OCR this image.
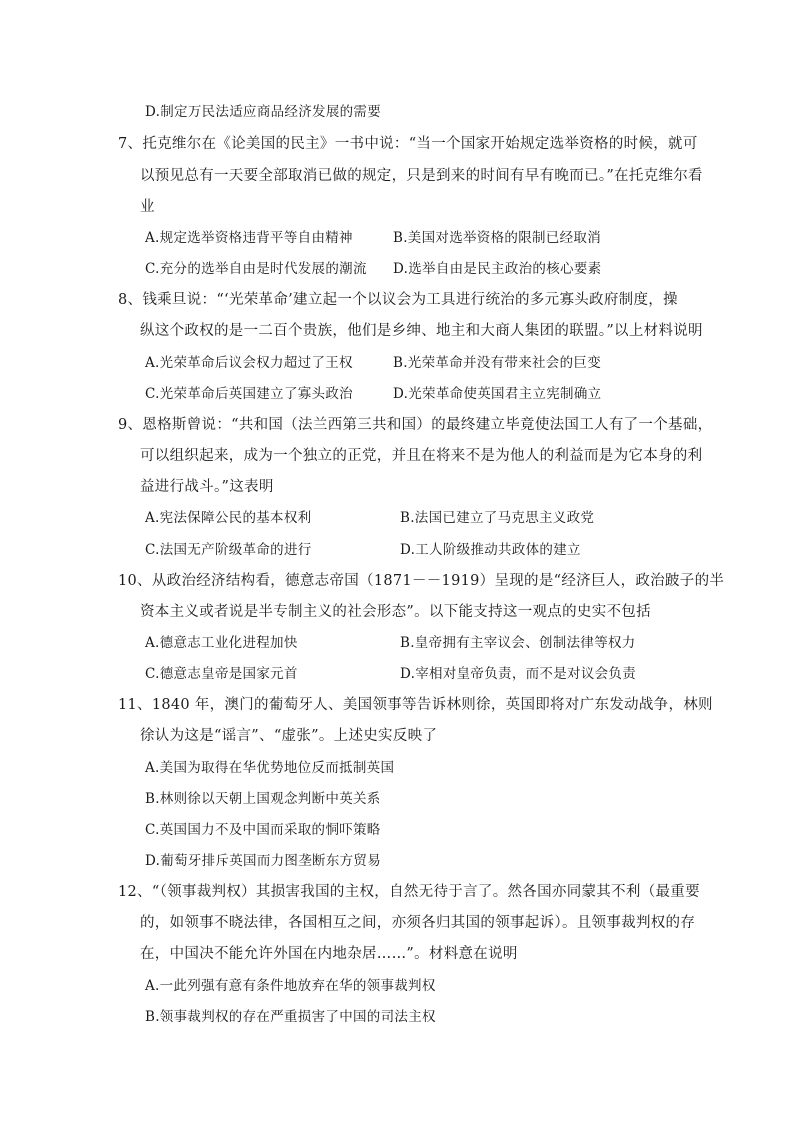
D.制定万民法适应商品经济发展的需要
7、托克维尔在《论美国的民主》一书中说：“当一个国家开始规定选举资格的时候，就可
以预见总有一天要全部取消已做的规定，只是到来的时间有早有晚而已。”在托克维尔看
业
A.规定选举资格违背平等自由精神	B.美国对选举资格的限制已经取消
C.充分的选举自由是时代发展的潮流 D.选举自由是民主政治的核心要素
8、钱乘旦说：“‘光荣革命’建立起一个以议会为工具进行统治的多元寡头政府制度，操
纵这个政权的是一二百个贵族，他们是乡绅、地主和大商人集团的联盟。”以上材料说明
A.光荣革命后议会权力超过了王权	B.光荣革命并没有带来社会的巨变
C.光荣革命后英国建立了寡头政治	D.光荣革命使英国君主立宪制确立
9、恩格斯曾说：“共和国（法兰西第三共和国）的最终建立毕竟使法国工人有了一个基础，
可以组织起来，成为一个独立的正党，并且在将来不是为他人的利益而是为它本身的利
益进行战斗。”这表明
A.宪法保障公民的基本权利	B.法国已建立了马克思主义政党
C.法国无产阶级革命的进行	D.工人阶级推动共政体的建立
10、从政治经济结构看，德意志帝国（1871－－1919）呈现的是“经济巨人，政治跛子的半
资本主义或者说是半专制主义的社会形态”。以下能支持这一观点的史实不包括
A.德意志工业化进程加快	B.皇帝拥有主宰议会、创制法律等权力
C.德意志皇帝是国家元首	D.宰相对皇帝负责，而不是对议会负责
11、1840 年，澳门的葡萄牙人、美国领事等告诉林则徐，英国即将对广东发动战争，林则
徐认为这是“谣言”、“虚张”。上述史实反映了
A.美国为取得在华优势地位反而抵制英国
B.林则徐以天朝上国观念判断中英关系
C.英国国力不及中国而采取的恫吓策略
D.葡萄牙排斥英国而力图垄断东方贸易
12、“（领事裁判权）其损害我国的主权，自然无待于言了。然各国亦同蒙其不利（最重要
的，如领事不晓法律，各国相互之间，亦须各归其国的领事起诉）。且领事裁判权的存
在，中国决不能允许外国在内地杂居……”。材料意在说明
A.一此列强有意有条件地放弃在华的领事裁判权
B.领事裁判权的存在严重损害了中国的司法主权
